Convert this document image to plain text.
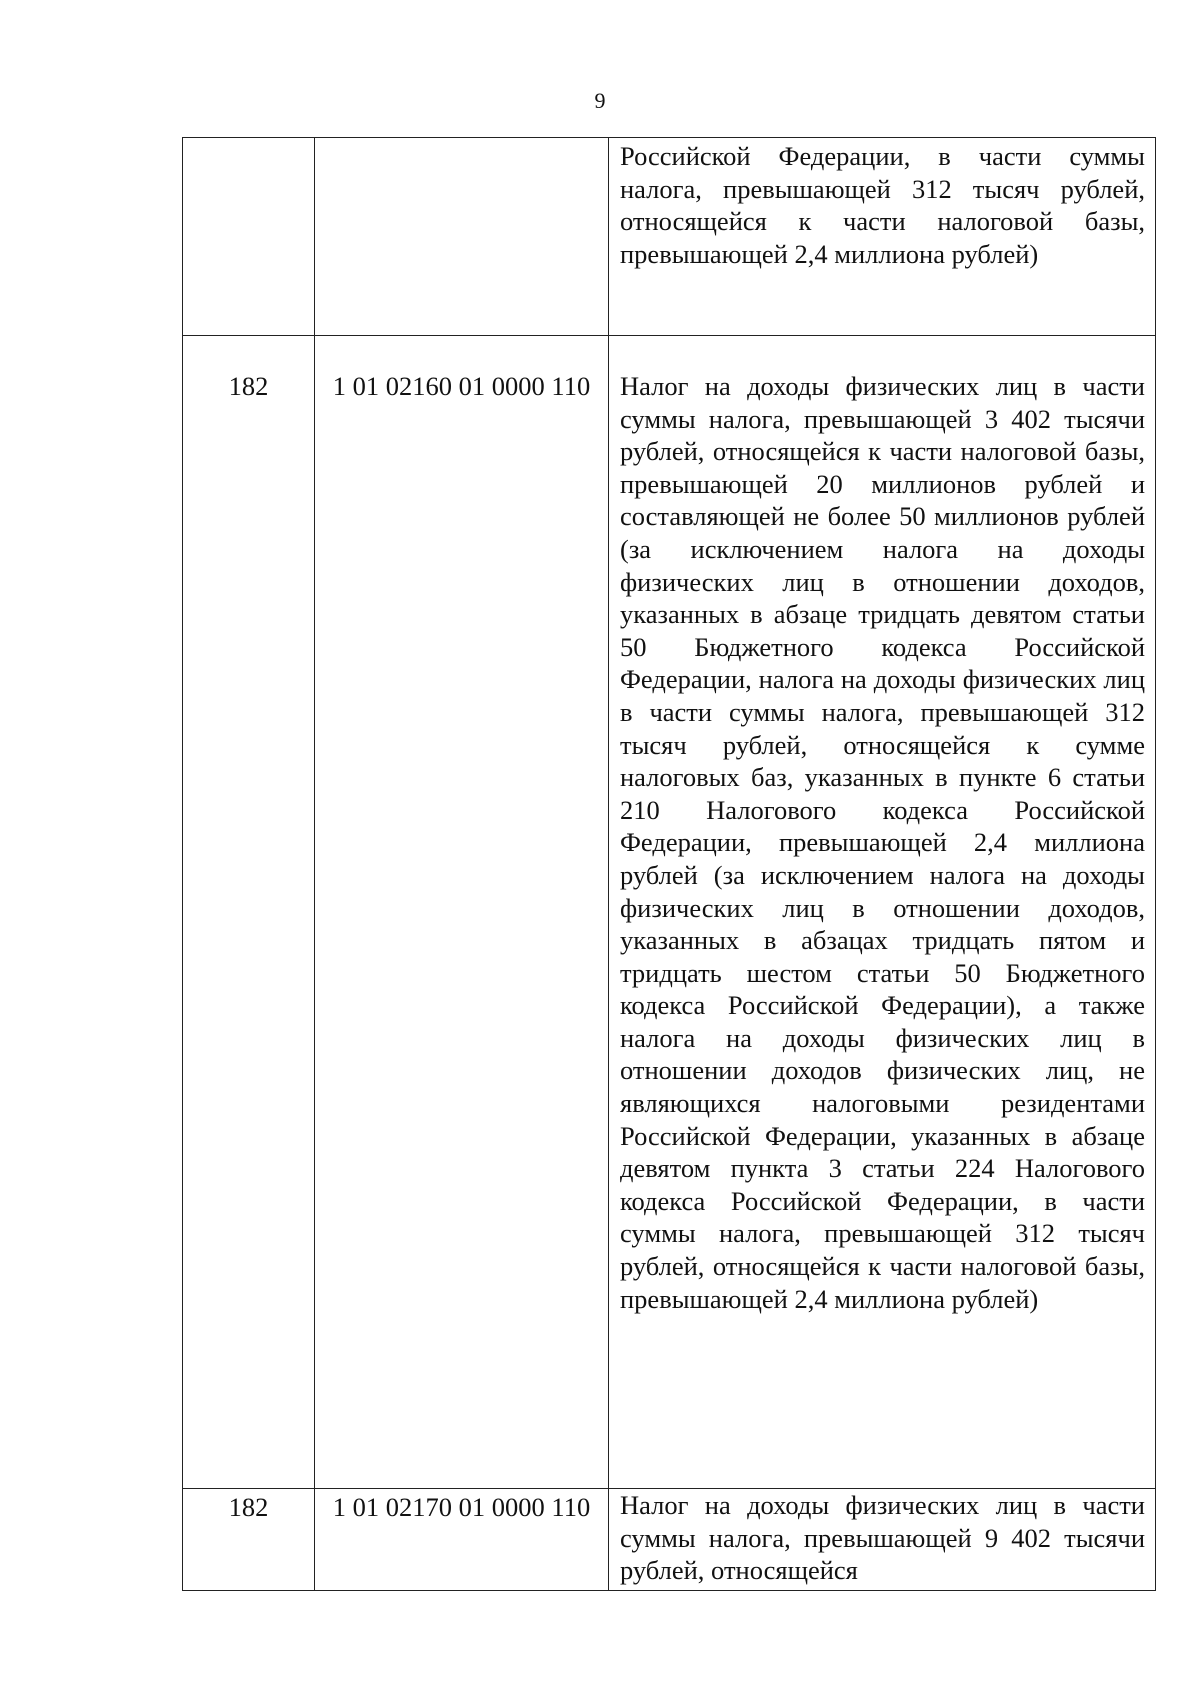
9

		Российской Федерации, в части суммы налога, превышающей 312 тысяч рублей, относящейся к части налоговой базы, превышающей 2,4 миллиона рублей)

182	1 01 02160 01 0000 110	Налог на доходы физических лиц в части суммы налога, превышающей 3 402 тысячи рублей, относящейся к части налоговой базы, превышающей 20 миллионов рублей и составляющей не более 50 миллионов рублей (за исключением налога на доходы физических лиц в отношении доходов, указанных в абзаце тридцать девятом статьи 50 Бюджетного кодекса Российской Федерации, налога на доходы физических лиц в части суммы налога, превышающей 312 тысяч рублей, относящейся к сумме налоговых баз, указанных в пункте 6 статьи 210 Налогового кодекса Российской Федерации, превышающей 2,4 миллиона рублей (за исключением налога на доходы физических лиц в отношении доходов, указанных в абзацах тридцать пятом и тридцать шестом статьи 50 Бюджетного кодекса Российской Федерации), а также налога на доходы физических лиц в отношении доходов физических лиц, не являющихся налоговыми резидентами Российской Федерации, указанных в абзаце девятом пункта 3 статьи 224 Налогового кодекса Российской Федерации, в части суммы налога, превышающей 312 тысяч рублей, относящейся к части налоговой базы, превышающей 2,4 миллиона рублей)

182	1 01 02170 01 0000 110	Налог на доходы физических лиц в части суммы налога, превышающей 9 402 тысячи рублей, относящейся
